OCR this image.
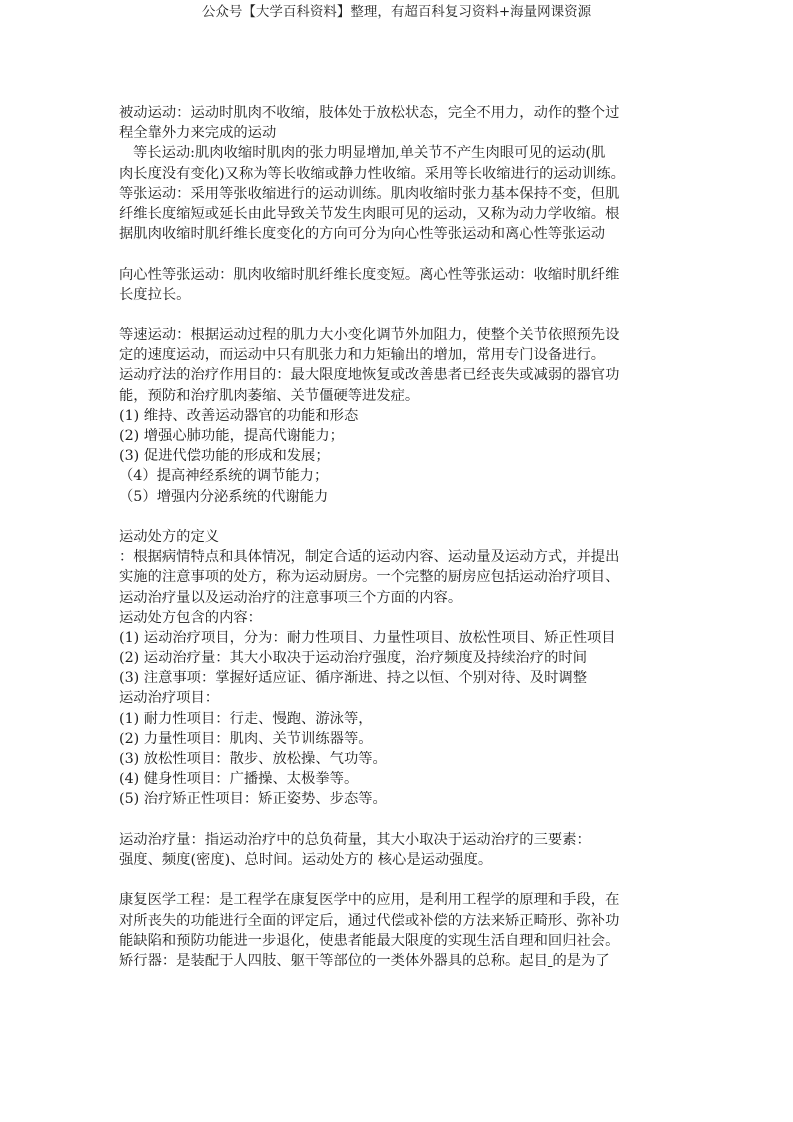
公众号【大学百科资料】整理，有超百科复习资料+海量网课资源
被动运动：运动时肌肉不收缩，肢体处于放松状态，完全不用力，动作的整个过
程全靠外力来完成的运动
等长运动:肌肉收缩时肌肉的张力明显增加,单关节不产生肉眼可见的运动(肌
肉长度没有变化)又称为等长收缩或静力性收缩。采用等长收缩进行的运动训练。
等张运动：采用等张收缩进行的运动训练。肌肉收缩时张力基本保持不变，但肌
纤维长度缩短或延长由此导致关节发生肉眼可见的运动，又称为动力学收缩。根
据肌肉收缩时肌纤维长度变化的方向可分为向心性等张运动和离心性等张运动
向心性等张运动：肌肉收缩时肌纤维长度变短。离心性等张运动：收缩时肌纤维
长度拉长。
等速运动：根据运动过程的肌力大小变化调节外加阻力，使整个关节依照预先设
定的速度运动，而运动中只有肌张力和力矩输出的增加，常用专门设备进行。
运动疗法的治疗作用目的：最大限度地恢复或改善患者已经丧失或减弱的器官功
能，预防和治疗肌肉萎缩、关节僵硬等进发症。
(1) 维持、改善运动器官的功能和形态
(2) 增强心肺功能，提高代谢能力；
(3) 促进代偿功能的形成和发展；
（4）提高神经系统的调节能力；
（5）增强内分泌系统的代谢能力
运动处方的定义
：根据病情特点和具体情况，制定合适的运动内容、运动量及运动方式，并提出
实施的注意事项的处方，称为运动厨房。一个完整的厨房应包括运动治疗项目、
运动治疗量以及运动治疗的注意事项三个方面的内容。
运动处方包含的内容：
(1) 运动治疗项目，分为：耐力性项目、力量性项目、放松性项目、矫正性项目
(2) 运动治疗量：其大小取决于运动治疗强度，治疗频度及持续治疗的时间
(3) 注意事项：掌握好适应证、循序渐进、持之以恒、个别对待、及时调整
运动治疗项目：
(1) 耐力性项目：行走、慢跑、游泳等，
(2) 力量性项目：肌肉、关节训练器等。
(3) 放松性项目：散步、放松操、气功等。
(4) 健身性项目：广播操、太极拳等。
(5) 治疗矫正性项目：矫正姿势、步态等。
运动治疗量：指运动治疗中的总负荷量，其大小取决于运动治疗的三要素：
强度、频度(密度)、总时间。运动处方的 核心是运动强度。
康复医学工程：是工程学在康复医学中的应用，是利用工程学的原理和手段，在
对所丧失的功能进行全面的评定后，通过代偿或补偿的方法来矫正畸形、弥补功
能缺陷和预防功能进一步退化，使患者能最大限度的实现生活自理和回归社会。
矫行器：是装配于人四肢、躯干等部位的一类体外器具的总称。起目 的是为了
